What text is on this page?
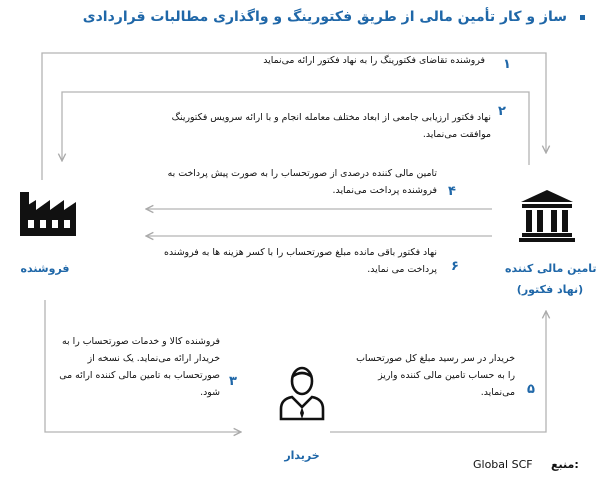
ساز و کار تأمین مالی از طریق فکتورینگ و واگذاری مطالبات قراردادی
فروشنده تقاضای فکتورینگ را به نهاد فکتور ارائه می‌نماید ۱
نهاد فکتور ارزیابی جامعی از ابعاد مختلف معامله انجام و با ارائه سرویس فکتورینگ موافقت می‌نماید.
۲
تامین مالی کننده درصدی از صورتحساب را به صورت پیش پرداخت به فروشنده پرداخت می‌نماید. ۴
نهاد فکتور باقی مانده مبلغ صورتحساب را با کسر هزینه ها به فروشنده پرداخت می نماید. ۶
فروشنده کالا و خدمات صورتحساب را به خریدار ارائه می‌نماید. یک نسخه از صورتحساب به تامین مالی کننده ارائه می شود.
۳
خریدار در سر رسید مبلغ کل صورتحساب را به حساب تامین مالی کننده واریز می‌نماید. ۵
فروشنده	تامین مالی کننده
(نهاد فکتور)
خریدار
Global SCF منبع:
